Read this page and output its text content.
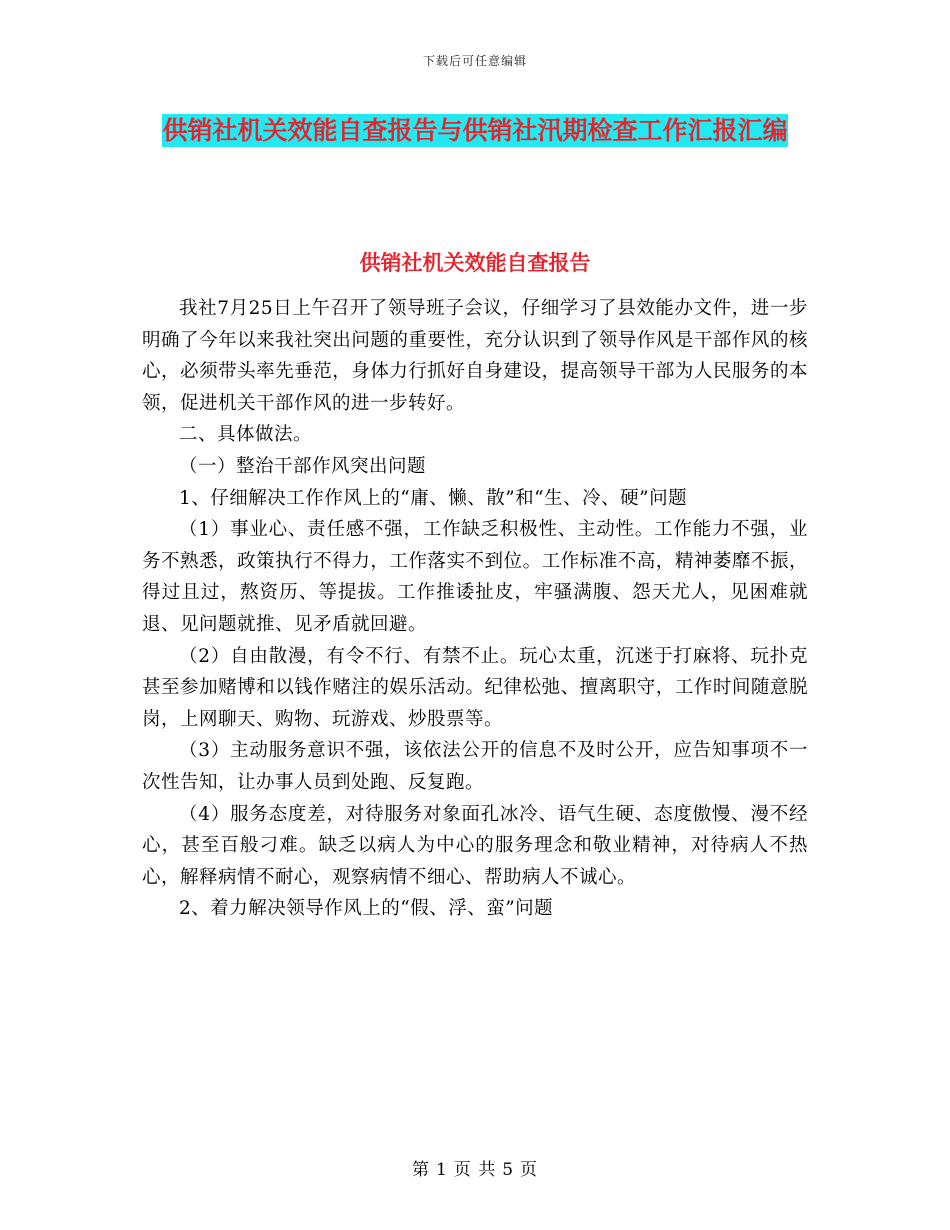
下载后可任意编辑
供销社机关效能自查报告与供销社汛期检查工作汇报汇编
供销社机关效能自查报告

我社7月25日上午召开了领导班子会议，仔细学习了县效能办文件，进一步明确了今年以来我社突出问题的重要性，充分认识到了领导作风是干部作风的核心，必须带头率先垂范，身体力行抓好自身建设，提高领导干部为人民服务的本领，促进机关干部作风的进一步转好。

二、具体做法。

（一）整治干部作风突出问题

1、仔细解决工作作风上的“庸、懒、散”和“生、冷、硬”问题

（1）事业心、责任感不强，工作缺乏积极性、主动性。工作能力不强，业务不熟悉，政策执行不得力，工作落实不到位。工作标准不高，精神萎靡不振，得过且过，熬资历、等提拔。工作推诿扯皮，牢骚满腹、怨天尤人，见困难就退、见问题就推、见矛盾就回避。

（2）自由散漫，有令不行、有禁不止。玩心太重，沉迷于打麻将、玩扑克甚至参加赌博和以钱作赌注的娱乐活动。纪律松弛、擅离职守，工作时间随意脱岗，上网聊天、购物、玩游戏、炒股票等。

（3）主动服务意识不强，该依法公开的信息不及时公开，应告知事项不一次性告知，让办事人员到处跑、反复跑。

（4）服务态度差，对待服务对象面孔冰冷、语气生硬、态度傲慢、漫不经心，甚至百般刁难。缺乏以病人为中心的服务理念和敬业精神，对待病人不热心，解释病情不耐心，观察病情不细心、帮助病人不诚心。

2、着力解决领导作风上的“假、浮、蛮”问题

第 1 页 共 5 页
